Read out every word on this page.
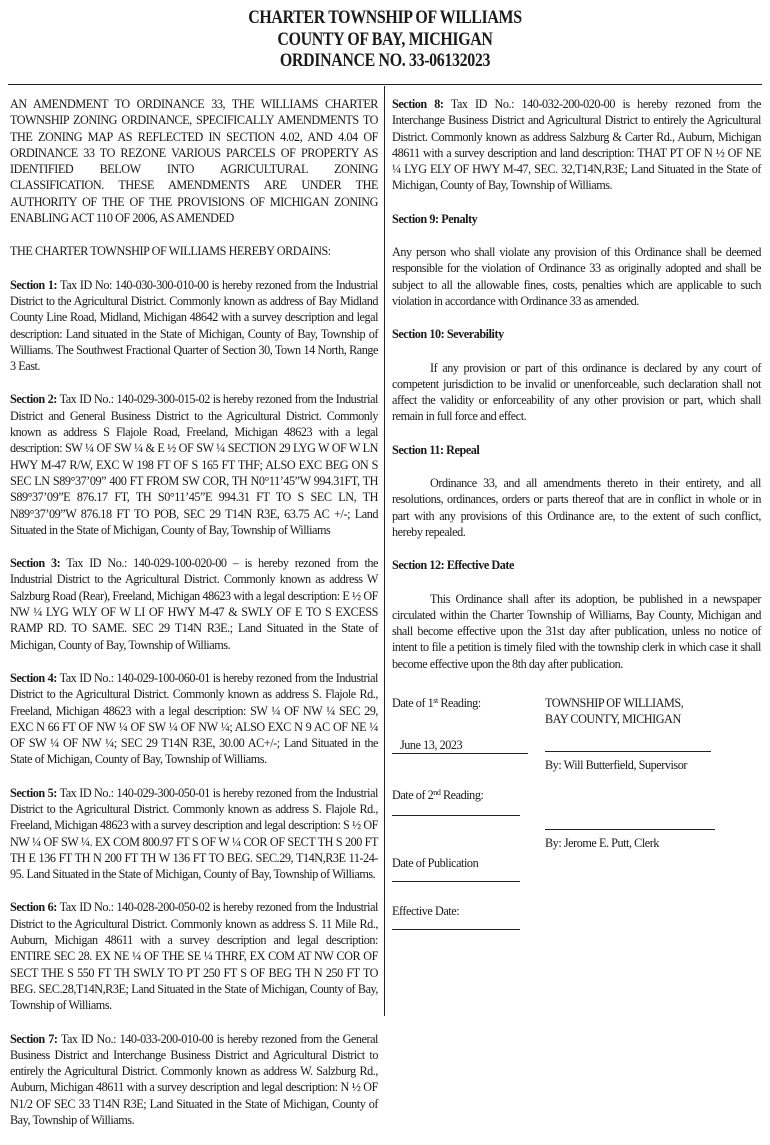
CHARTER TOWNSHIP OF WILLIAMS
COUNTY OF BAY, MICHIGAN
ORDINANCE NO. 33-06132023

AN AMENDMENT TO ORDINANCE 33, THE WILLIAMS CHARTER TOWNSHIP ZONING ORDINANCE, SPECIFICALLY AMENDMENTS TO THE ZONING MAP AS REFLECTED IN SECTION 4.02, AND 4.04 OF ORDINANCE 33 TO REZONE VARIOUS PARCELS OF PROPERTY AS IDENTIFIED BELOW INTO AGRICULTURAL ZONING CLASSIFICATION. THESE AMENDMENTS ARE UNDER THE AUTHORITY OF THE OF THE PROVISIONS OF MICHIGAN ZONING ENABLING ACT 110 OF 2006, AS AMENDED

THE CHARTER TOWNSHIP OF WILLIAMS HEREBY ORDAINS:

Section 1: Tax ID No: 140-030-300-010-00 is hereby rezoned from the Industrial District to the Agricultural District. Commonly known as address of Bay Midland County Line Road, Midland, Michigan 48642 with a survey description and legal description: Land situated in the State of Michigan, County of Bay, Township of Williams. The Southwest Fractional Quarter of Section 30, Town 14 North, Range 3 East.

Section 2: Tax ID No.: 140-029-300-015-02 is hereby rezoned from the Industrial District and General Business District to the Agricultural District. Commonly known as address S Flajole Road, Freeland, Michigan 48623 with a legal description: SW ¼ OF SW ¼ & E ½ OF SW ¼ SECTION 29 LYG W OF W LN HWY M-47 R/W, EXC W 198 FT OF S 165 FT THF; ALSO EXC BEG ON S SEC LN S89°37’09” 400 FT FROM SW COR, TH N0°11’45”W 994.31FT, TH S89°37’09”E 876.17 FT, TH S0°11’45”E 994.31 FT TO S SEC LN, TH N89°37’09”W 876.18 FT TO POB, SEC 29 T14N R3E, 63.75 AC +/-; Land Situated in the State of Michigan, County of Bay, Township of Williams

Section 3: Tax ID No.: 140-029-100-020-00 – is hereby rezoned from the Industrial District to the Agricultural District. Commonly known as address W Salzburg Road (Rear), Freeland, Michigan 48623 with a legal description: E ½ OF NW ¼ LYG WLY OF W LI OF HWY M-47 & SWLY OF E TO S EXCESS RAMP RD. TO SAME. SEC 29 T14N R3E.; Land Situated in the State of Michigan, County of Bay, Township of Williams.

Section 4: Tax ID No.: 140-029-100-060-01 is hereby rezoned from the Industrial District to the Agricultural District. Commonly known as address S. Flajole Rd., Freeland, Michigan 48623 with a legal description: SW ¼ OF NW ¼ SEC 29, EXC N 66 FT OF NW ¼ OF SW ¼ OF NW ¼; ALSO EXC N 9 AC OF NE ¼ OF SW ¼ OF NW ¼; SEC 29 T14N R3E, 30.00 AC+/-; Land Situated in the State of Michigan, County of Bay, Township of Williams.

Section 5: Tax ID No.: 140-029-300-050-01 is hereby rezoned from the Industrial District to the Agricultural District. Commonly known as address S. Flajole Rd., Freeland, Michigan 48623 with a survey description and legal description: S ½ OF NW ¼ OF SW ¼. EX COM 800.97 FT S OF W ¼ COR OF SECT TH S 200 FT TH E 136 FT TH N 200 FT TH W 136 FT TO BEG. SEC.29, T14N,R3E 11-24-95. Land Situated in the State of Michigan, County of Bay, Township of Williams.

Section 6: Tax ID No.: 140-028-200-050-02 is hereby rezoned from the Industrial District to the Agricultural District. Commonly known as address S. 11 Mile Rd., Auburn, Michigan 48611 with a survey description and legal description: ENTIRE SEC 28. EX NE ¼ OF THE SE ¼ THRF, EX COM AT NW COR OF SECT THE S 550 FT TH SWLY TO PT 250 FT S OF BEG TH N 250 FT TO BEG. SEC.28,T14N,R3E; Land Situated in the State of Michigan, County of Bay, Township of Williams.

Section 7: Tax ID No.: 140-033-200-010-00 is hereby rezoned from the General Business District and Interchange Business District and Agricultural District to entirely the Agricultural District. Commonly known as address W. Salzburg Rd., Auburn, Michigan 48611 with a survey description and legal description: N ½ OF N1/2 OF SEC 33 T14N R3E; Land Situated in the State of Michigan, County of Bay, Township of Williams.

Section 8: Tax ID No.: 140-032-200-020-00 is hereby rezoned from the Interchange Business District and Agricultural District to entirely the Agricultural District. Commonly known as address Salzburg & Carter Rd., Auburn, Michigan 48611 with a survey description and land description: THAT PT OF N ½ OF NE ¼ LYG ELY OF HWY M-47, SEC. 32,T14N,R3E; Land Situated in the State of Michigan, County of Bay, Township of Williams.

Section 9: Penalty

Any person who shall violate any provision of this Ordinance shall be deemed responsible for the violation of Ordinance 33 as originally adopted and shall be subject to all the allowable fines, costs, penalties which are applicable to such violation in accordance with Ordinance 33 as amended.

Section 10: Severability

If any provision or part of this ordinance is declared by any court of competent jurisdiction to be invalid or unenforceable, such declaration shall not affect the validity or enforceability of any other provision or part, which shall remain in full force and effect.

Section 11: Repeal

Ordinance 33, and all amendments thereto in their entirety, and all resolutions, ordinances, orders or parts thereof that are in conflict in whole or in part with any provisions of this Ordinance are, to the extent of such conflict, hereby repealed.

Section 12: Effective Date

This Ordinance shall after its adoption, be published in a newspaper circulated within the Charter Township of Williams, Bay County, Michigan and shall become effective upon the 31st day after publication, unless no notice of intent to file a petition is timely filed with the township clerk in which case it shall become effective upon the 8th day after publication.

Date of 1st Reading:
June 13, 2023
Date of 2nd Reading:
Date of Publication
Effective Date:
TOWNSHIP OF WILLIAMS,
BAY COUNTY, MICHIGAN
By: Will Butterfield, Supervisor
By: Jerome E. Putt, Clerk
